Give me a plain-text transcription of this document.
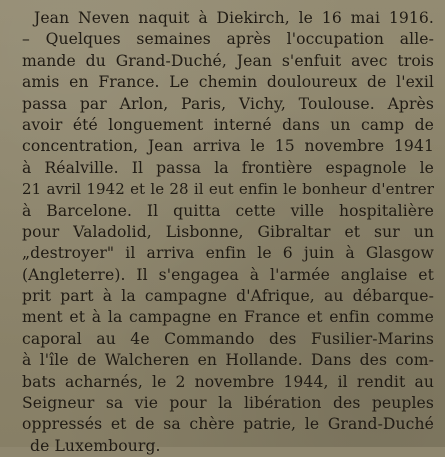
Jean Neven naquit à Diekirch, le 16 mai 1916.
– Quelques semaines après l'occupation alle-
mande du Grand-Duché, Jean s'enfuit avec trois
amis en France. Le chemin douloureux de l'exil
passa par Arlon, Paris, Vichy, Toulouse. Après
avoir été longuement interné dans un camp de
concentration, Jean arriva le 15 novembre 1941
à Réalville. Il passa la frontière espagnole le
21 avril 1942 et le 28 il eut enfin le bonheur d'entrer
à Barcelone. Il quitta cette ville hospitalière
pour Valadolid, Lisbonne, Gibraltar et sur un
„destroyer" il arriva enfin le 6 juin à Glasgow
(Angleterre). Il s'engagea à l'armée anglaise et
prit part à la campagne d'Afrique, au débarque-
ment et à la campagne en France et enfin comme
caporal au 4e Commando des Fusilier-Marins
à l'île de Walcheren en Hollande. Dans des com-
bats acharnés, le 2 novembre 1944, il rendit au
Seigneur sa vie pour la libération des peuples
oppressés et de sa chère patrie, le Grand-Duché
de Luxembourg.
